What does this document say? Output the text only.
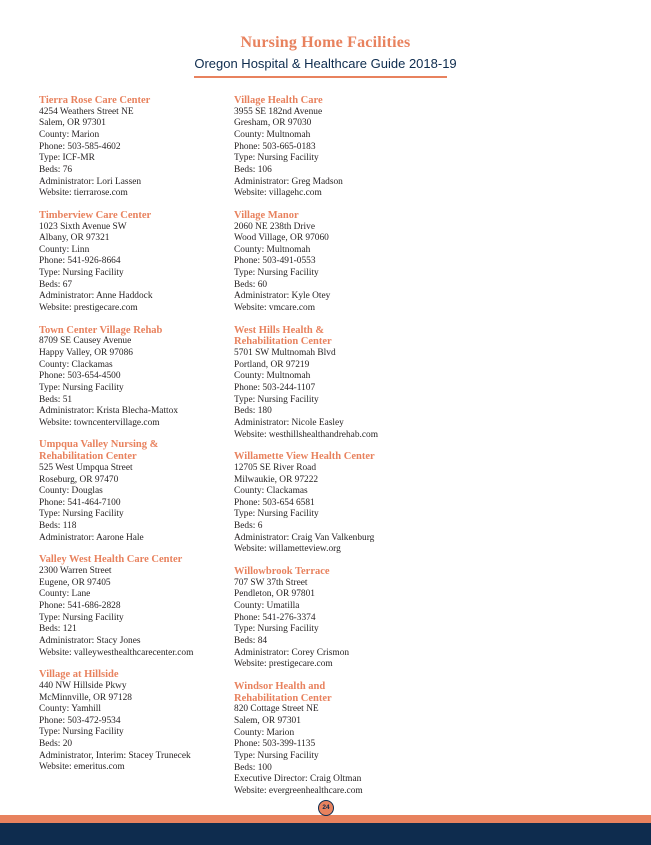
Nursing Home Facilities
Oregon Hospital & Healthcare Guide 2018-19
Tierra Rose Care Center
4254 Weathers Street NE
Salem, OR 97301
County: Marion
Phone: 503-585-4602
Type: ICF-MR
Beds: 76
Administrator: Lori Lassen
Website: tierrarose.com
Timberview Care Center
1023 Sixth Avenue SW
Albany, OR 97321
County: Linn
Phone: 541-926-8664
Type: Nursing Facility
Beds: 67
Administrator: Anne Haddock
Website: prestigecare.com
Town Center Village Rehab
8709 SE Causey Avenue
Happy Valley, OR 97086
County: Clackamas
Phone: 503-654-4500
Type: Nursing Facility
Beds: 51
Administrator: Krista Blecha-Mattox
Website: towncentervillage.com
Umpqua Valley Nursing &
Rehabilitation Center
525 West Umpqua Street
Roseburg, OR 97470
County: Douglas
Phone: 541-464-7100
Type: Nursing Facility
Beds: 118
Administrator: Aarone Hale
Valley West Health Care Center
2300 Warren Street
Eugene, OR 97405
County: Lane
Phone: 541-686-2828
Type: Nursing Facility
Beds: 121
Administrator: Stacy Jones
Website: valleywesthealthcarecenter.com
Village at Hillside
440 NW Hillside Pkwy
McMinnville, OR 97128
County: Yamhill
Phone: 503-472-9534
Type: Nursing Facility
Beds: 20
Administrator, Interim: Stacey Trunecek
Website: emeritus.com
Village Health Care
3955 SE 182nd Avenue
Gresham, OR 97030
County: Multnomah
Phone: 503-665-0183
Type: Nursing Facility
Beds: 106
Administrator: Greg Madson
Website: villagehc.com
Village Manor
2060 NE 238th Drive
Wood Village, OR 97060
County: Multnomah
Phone: 503-491-0553
Type: Nursing Facility
Beds: 60
Administrator: Kyle Otey
Website: vmcare.com
West Hills Health &
Rehabilitation Center
5701 SW Multnomah Blvd
Portland, OR 97219
County: Multnomah
Phone: 503-244-1107
Type: Nursing Facility
Beds: 180
Administrator: Nicole Easley
Website: westhillshealthandrehab.com
Willamette View Health Center
12705 SE River Road
Milwaukie, OR 97222
County: Clackamas
Phone: 503-654 6581
Type: Nursing Facility
Beds: 6
Administrator: Craig Van Valkenburg
Website: willametteview.org
Willowbrook Terrace
707 SW 37th Street
Pendleton, OR 97801
County: Umatilla
Phone: 541-276-3374
Type: Nursing Facility
Beds: 84
Administrator: Corey Crismon
Website: prestigecare.com
Windsor Health and
Rehabilitation Center
820 Cottage Street NE
Salem, OR 97301
County: Marion
Phone: 503-399-1135
Type: Nursing Facility
Beds: 100
Executive Director: Craig Oltman
Website: evergreenhealthcare.com
24
